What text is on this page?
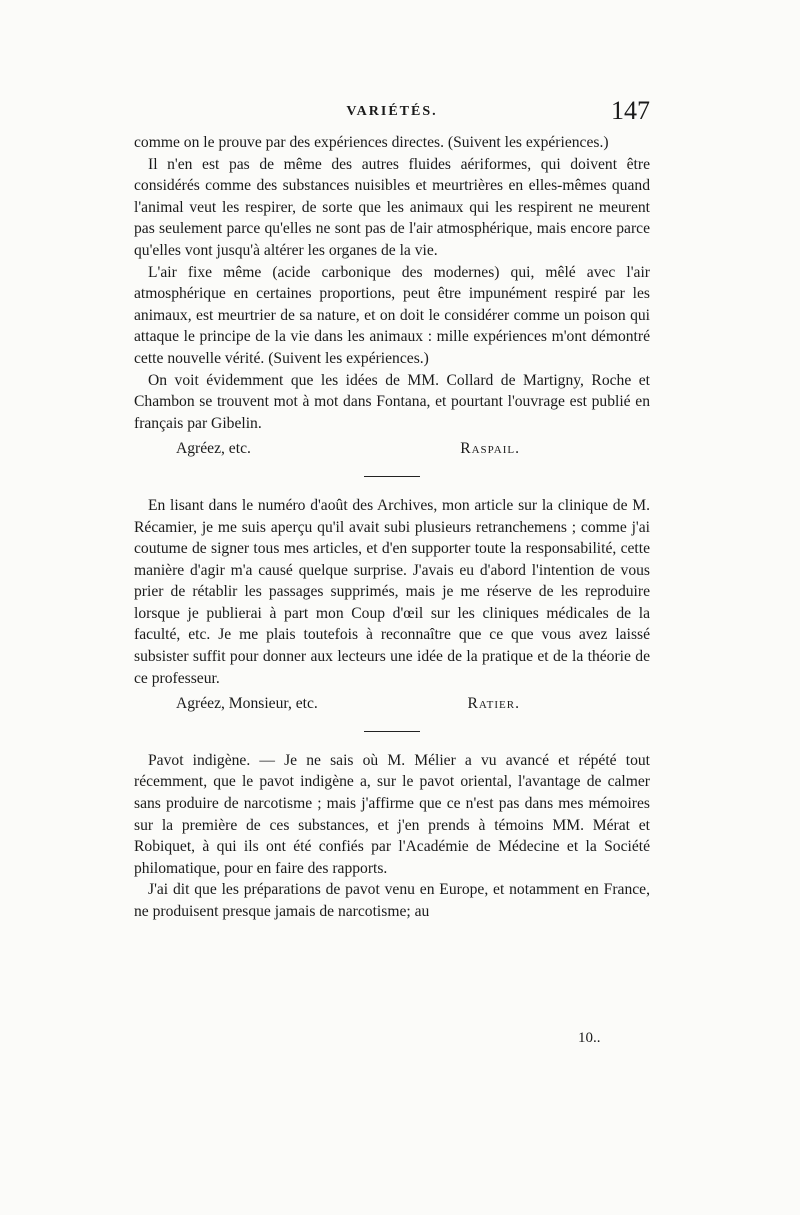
VARIÉTÉS.	147

comme on le prouve par des expériences directes. (Suivent les expériences.)

Il n'en est pas de même des autres fluides aériformes, qui doivent être considérés comme des substances nuisibles et meurtrières en elles-mêmes quand l'animal veut les respirer, de sorte que les animaux qui les respirent ne meurent pas seulement parce qu'elles ne sont pas de l'air atmosphérique, mais encore parce qu'elles vont jusqu'à altérer les organes de la vie.

L'air fixe même (acide carbonique des modernes) qui, mêlé avec l'air atmosphérique en certaines proportions, peut être impunément respiré par les animaux, est meurtrier de sa nature, et on doit le considérer comme un poison qui attaque le principe de la vie dans les animaux : mille expériences m'ont démontré cette nouvelle vérité. (Suivent les expériences.)

On voit évidemment que les idées de MM. Collard de Martigny, Roche et Chambon se trouvent mot à mot dans Fontana, et pourtant l'ouvrage est publié en français par Gibelin.

Agréez, etc.	Raspail.

En lisant dans le numéro d'août des Archives, mon article sur la clinique de M. Récamier, je me suis aperçu qu'il avait subi plusieurs retranchemens ; comme j'ai coutume de signer tous mes articles, et d'en supporter toute la responsabilité, cette manière d'agir m'a causé quelque surprise. J'avais eu d'abord l'intention de vous prier de rétablir les passages supprimés, mais je me réserve de les reproduire lorsque je publierai à part mon Coup d'œil sur les cliniques médicales de la faculté, etc. Je me plais toutefois à reconnaître que ce que vous avez laissé subsister suffit pour donner aux lecteurs une idée de la pratique et de la théorie de ce professeur.

Agréez, Monsieur, etc.	Ratier.

Pavot indigène. — Je ne sais où M. Mélier a vu avancé et répété tout récemment, que le pavot indigène a, sur le pavot oriental, l'avantage de calmer sans produire de narcotisme ; mais j'affirme que ce n'est pas dans mes mémoires sur la première de ces substances, et j'en prends à témoins MM. Mérat et Robiquet, à qui ils ont été confiés par l'Académie de Médecine et la Société philomatique, pour en faire des rapports.

J'ai dit que les préparations de pavot venu en Europe, et notamment en France, ne produisent presque jamais de narcotisme; au

10..
